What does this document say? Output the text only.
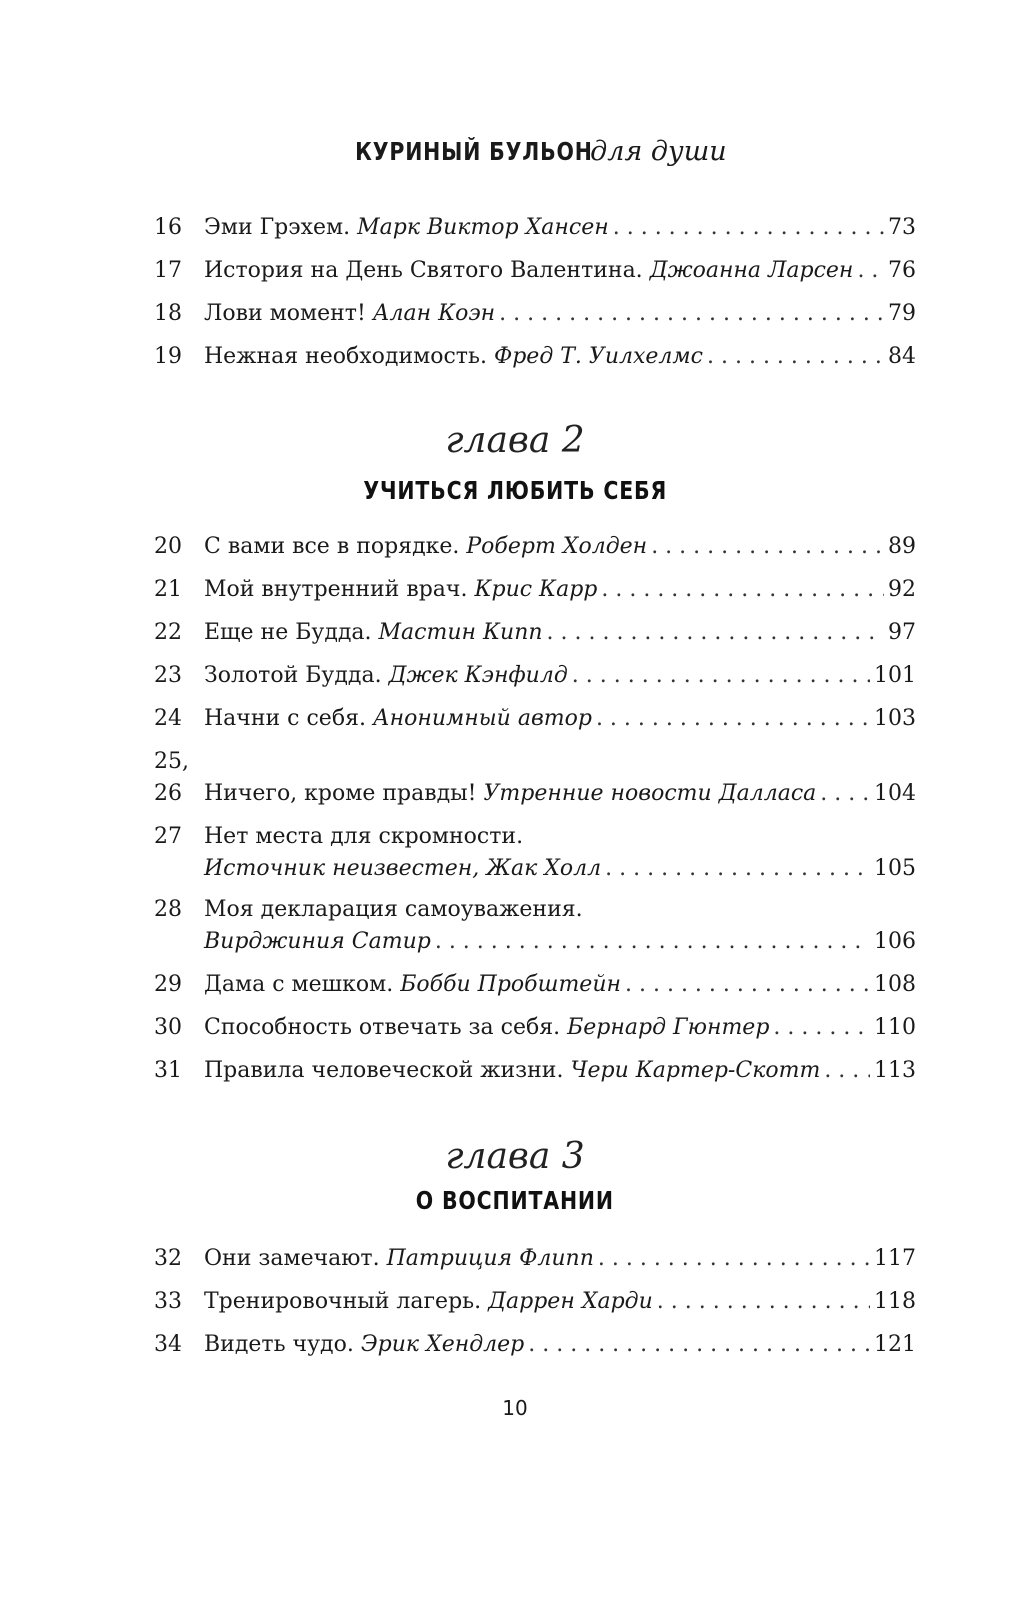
КУРИНЫЙ БУЛЬОН для души
16	Эми Грэхем.
Марк Виктор Хансен . . .	73
17	История на День Святого Валентина.
Джоанна Ларсен . . . 76
18	Лови момент!
Алан Коэн . . .	79
19	Нежная необходимость.
Фред Т. Уилхелмс . . .	84
глава 2
УЧИТЬСЯ ЛЮБИТЬ СЕБЯ
20	С вами все в порядке.
Роберт Холден . . .	89
21	Мой внутренний врач.
Крис Карр . . .	92
22	Еще не Будда.
Мастин Кипп . . .	97
23	Золотой Будда.
Джек Кэнфилд . . .	101
24	Начни с себя.
Анонимный автор . . .	103
25,
26	Ничего, кроме правды!
Утренние новости Далласа . . .	104
27	Нет места для скромности.
Источник неизвестен, Жак Холл . . .	105
28	Моя декларация самоуважения.
Вирджиния Сатир . . .	106
29	Дама с мешком.
Бобби Пробштейн . . .	108
30	Способность отвечать за себя.
Бернард Гюнтер . . .	110
31	Правила человеческой жизни.
Чери Картер-Скотт . . . 113
глава 3
О ВОСПИТАНИИ
32	Они замечают.
Патриция Флипп . . .	117
33	Тренировочный лагерь.
Даррен Харди . . .	118
34	Видеть чудо.
Эрик Хендлер . . .	121
10
